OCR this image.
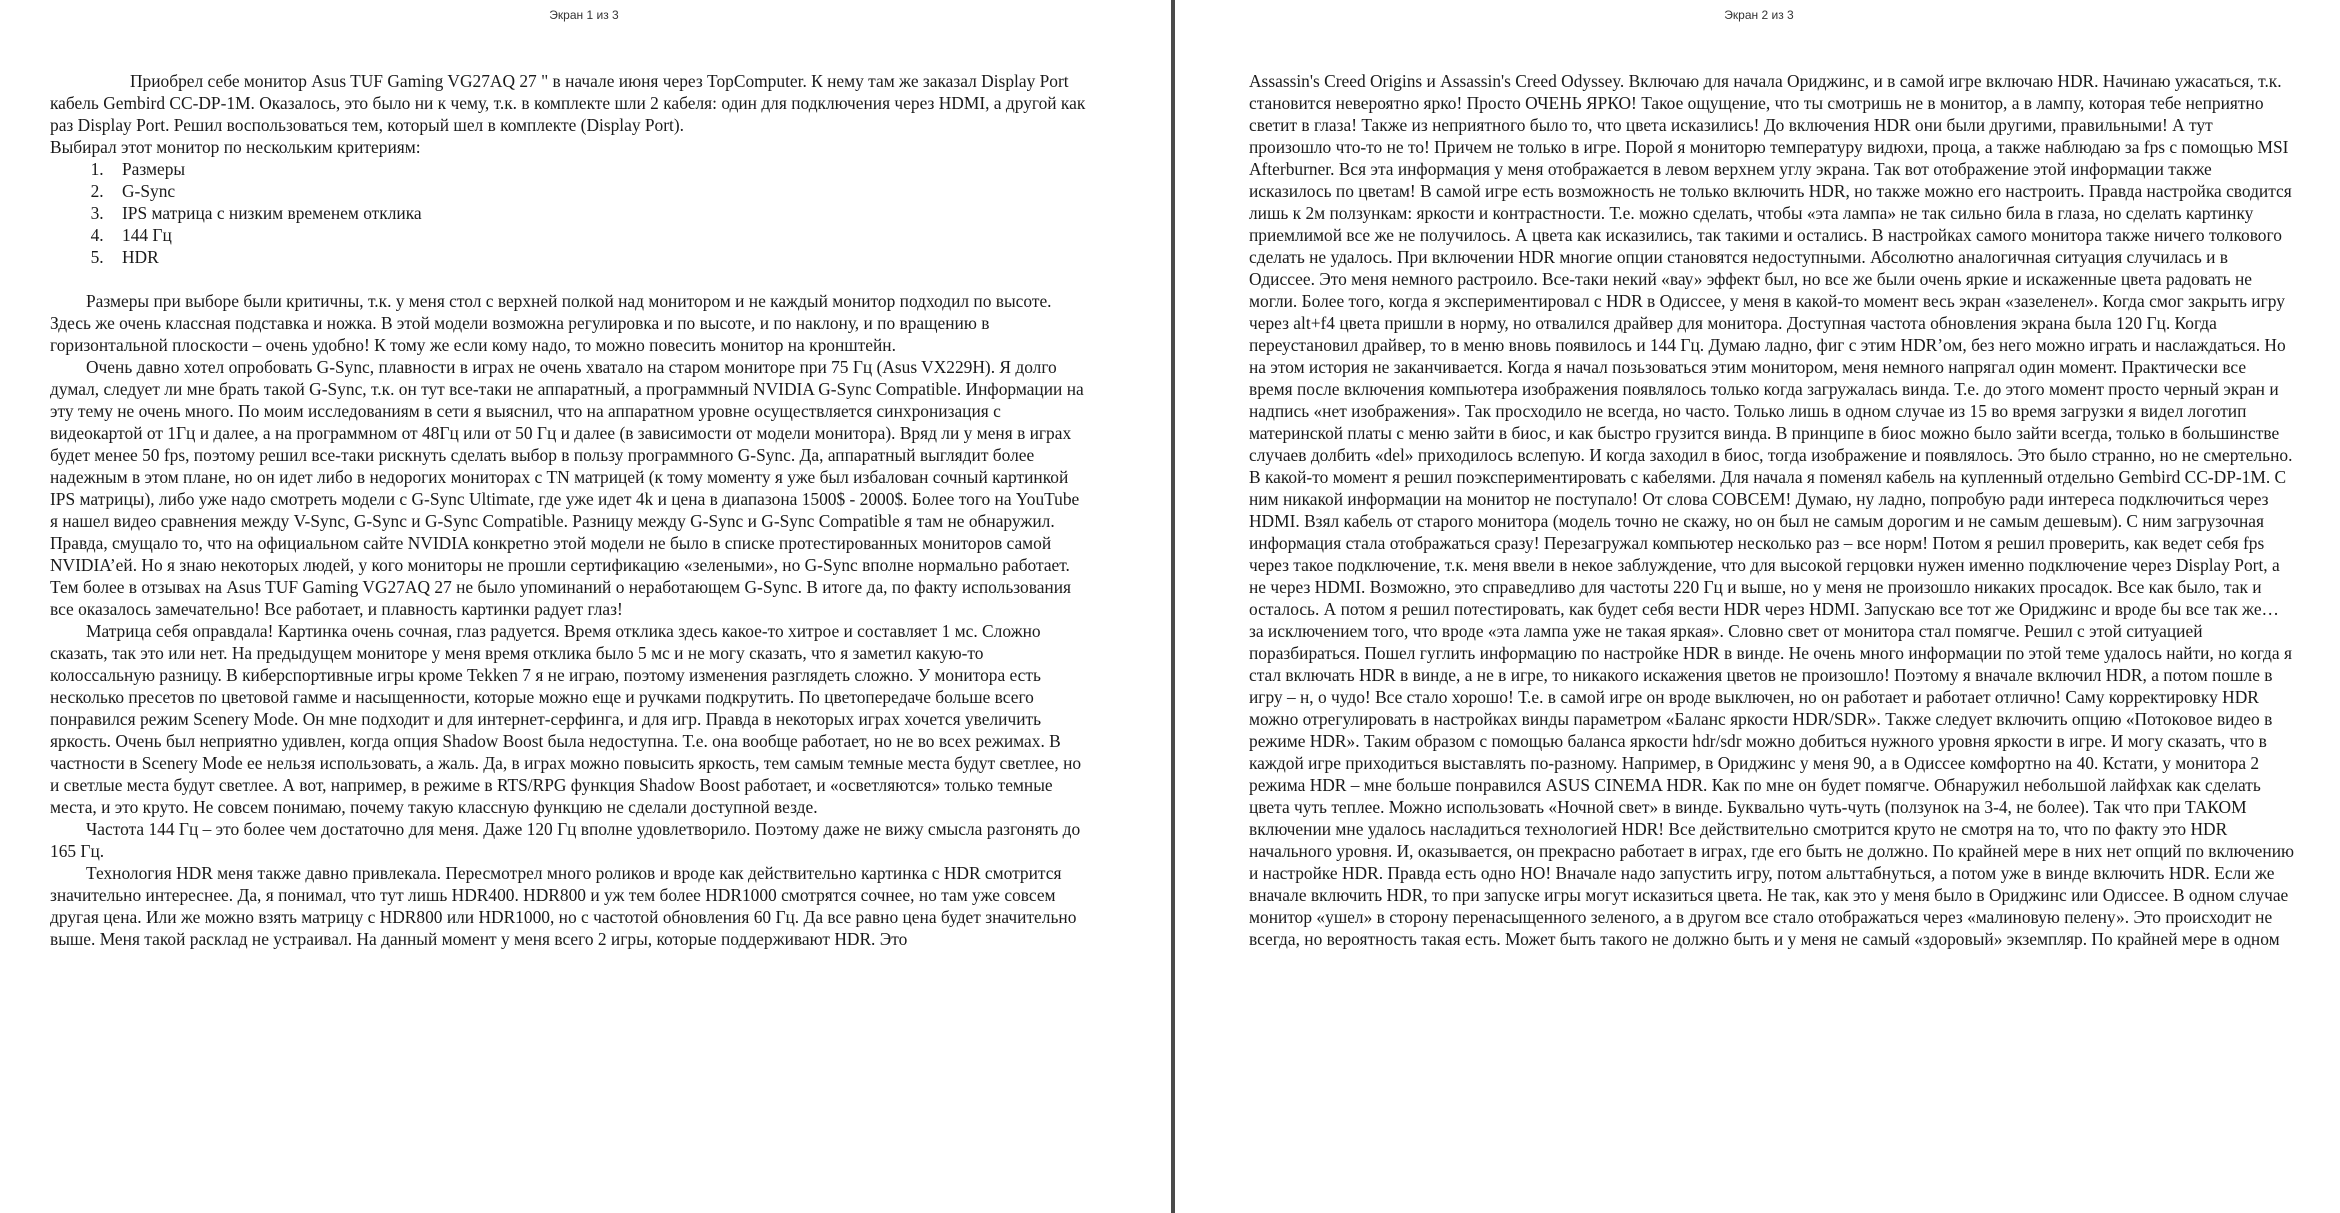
Экран 1 из 3

Приобрел себе монитор Asus TUF Gaming VG27AQ 27 " в начале июня через TopComputer. К нему там же заказал Display Port кабель Gembird CC-DP-1M. Оказалось, это было ни к чему, т.к. в комплекте шли 2 кабеля: один для подключения через HDMI, а другой как раз Display Port. Решил воспользоваться тем, который шел в комплекте (Display Port).

Выбирал этот монитор по нескольким критериям:

1. Размеры
2. G-Sync
3. IPS матрица с низким временем отклика
4. 144 Гц
5. HDR

Размеры при выборе были критичны, т.к. у меня стол с верхней полкой над монитором и не каждый монитор подходил по высоте. Здесь же очень классная подставка и ножка. В этой модели возможна регулировка и по высоте, и по наклону, и по вращению в горизонтальной плоскости – очень удобно! К тому же если кому надо, то можно повесить монитор на кронштейн.

Очень давно хотел опробовать G-Sync, плавности в играх не очень хватало на старом мониторе при 75 Гц (Asus VX229H). Я долго думал, следует ли мне брать такой G-Sync, т.к. он тут все-таки не аппаратный, а программный NVIDIA G-Sync Compatible. Информации на эту тему не очень много. По моим исследованиям в сети я выяснил, что на аппаратном уровне осуществляется синхронизация с видеокартой от 1Гц и далее, а на программном от 48Гц или от 50 Гц и далее (в зависимости от модели монитора). Вряд ли у меня в играх будет менее 50 fps, поэтому решил все-таки рискнуть сделать выбор в пользу программного G-Sync. Да, аппаратный выглядит более надежным в этом плане, но он идет либо в недорогих мониторах с TN матрицей (к тому моменту я уже был избалован сочный картинкой IPS матрицы), либо уже надо смотреть модели с G-Sync Ultimate, где уже идет 4k и цена в диапазона 1500$ - 2000$. Более того на YouTube я нашел видео сравнения между V-Sync, G-Sync и G-Sync Compatible. Разницу между G-Sync и G-Sync Compatible я там не обнаружил. Правда, смущало то, что на официальном сайте NVIDIA конкретно этой модели не было в списке протестированных мониторов самой NVIDIA’ей. Но я знаю некоторых людей, у кого мониторы не прошли сертификацию «зелеными», но G-Sync вполне нормально работает. Тем более в отзывах на Asus TUF Gaming VG27AQ 27 не было упоминаний о неработающем G-Sync. В итоге да, по факту использования все оказалось замечательно! Все работает, и плавность картинки радует глаз!

Матрица себя оправдала! Картинка очень сочная, глаз радуется. Время отклика здесь какое-то хитрое и составляет 1 мс. Сложно сказать, так это или нет. На предыдущем мониторе у меня время отклика было 5 мс и не могу сказать, что я заметил какую-то колоссальную разницу. В киберспортивные игры кроме Tekken 7 я не играю, поэтому изменения разглядеть сложно. У монитора есть несколько пресетов по цветовой гамме и насыщенности, которые можно еще и ручками подкрутить. По цветопередаче больше всего понравился режим Scenery Mode. Он мне подходит и для интернет-серфинга, и для игр. Правда в некоторых играх хочется увеличить яркость. Очень был неприятно удивлен, когда опция Shadow Boost была недоступна. Т.е. она вообще работает, но не во всех режимах. В частности в Scenery Mode ее нельзя использовать, а жаль. Да, в играх можно повысить яркость, тем самым темные места будут светлее, но и светлые места будут светлее. А вот, например, в режиме в RTS/RPG функция Shadow Boost работает, и «осветляются» только темные места, и это круто. Не совсем понимаю, почему такую классную функцию не сделали доступной везде.

Частота 144 Гц – это более чем достаточно для меня. Даже 120 Гц вполне удовлетворило. Поэтому даже не вижу смысла разгонять до 165 Гц.

Технология HDR меня также давно привлекала. Пересмотрел много роликов и вроде как действительно картинка с HDR смотрится значительно интереснее. Да, я понимал, что тут лишь HDR400. HDR800 и уж тем более HDR1000 смотрятся сочнее, но там уже совсем другая цена. Или же можно взять матрицу с HDR800 или HDR1000, но с частотой обновления 60 Гц. Да все равно цена будет значительно выше. Меня такой расклад не устраивал. На данный момент у меня всего 2 игры, которые поддерживают HDR. Это

Экран 2 из 3

Assassin's Creed Origins и Assassin's Creed Odyssey. Включаю для начала Ориджинс, и в самой игре включаю HDR. Начинаю ужасаться, т.к. становится невероятно ярко! Просто ОЧЕНЬ ЯРКО! Такое ощущение, что ты смотришь не в монитор, а в лампу, которая тебе неприятно светит в глаза! Также из неприятного было то, что цвета исказились! До включения HDR они были другими, правильными! А тут произошло что-то не то! Причем не только в игре. Порой я мониторю температуру видюхи, проца, а также наблюдаю за fps с помощью MSI Afterburner. Вся эта информация у меня отображается в левом верхнем углу экрана. Так вот отображение этой информации также исказилось по цветам! В самой игре есть возможность не только включить HDR, но также можно его настроить. Правда настройка сводится лишь к 2м ползункам: яркости и контрастности. Т.е. можно сделать, чтобы «эта лампа» не так сильно била в глаза, но сделать картинку приемлимой все же не получилось. А цвета как исказились, так такими и остались. В настройках самого монитора также ничего толкового сделать не удалось. При включении HDR многие опции становятся недоступными. Абсолютно аналогичная ситуация случилась и в Одиссее. Это меня немного растроило. Все-таки некий «вау» эффект был, но все же были очень яркие и искаженные цвета радовать не могли. Более того, когда я экспериментировал с HDR в Одиссее, у меня в какой-то момент весь экран «зазеленел». Когда смог закрыть игру через alt+f4 цвета пришли в норму, но отвалился драйвер для монитора. Доступная частота обновления экрана была 120 Гц. Когда переустановил драйвер, то в меню вновь появилось и 144 Гц. Думаю ладно, фиг с этим HDR’ом, без него можно играть и наслаждаться. Но на этом история не заканчивается. Когда я начал позьзоваться этим монитором, меня немного напрягал один момент. Практически все время после включения компьютера изображения появлялось только когда загружалась винда. Т.е. до этого момент просто черный экран и надпись «нет изображения». Так просходило не всегда, но часто. Только лишь в одном случае из 15 во время загрузки я видел логотип материнской платы с меню зайти в биос, и как быстро грузится винда. В принципе в биос можно было зайти всегда, только в большинстве случаев долбить «del» приходилось вслепую. И когда заходил в биос, тогда изображение и появлялось. Это было странно, но не смертельно. В какой-то момент я решил поэкспериментировать с кабелями. Для начала я поменял кабель на купленный отдельно Gembird CC-DP-1M. С ним никакой информации на монитор не поступало! От слова СОВСЕМ! Думаю, ну ладно, попробую ради интереса подключиться через HDMI. Взял кабель от старого монитора (модель точно не скажу, но он был не самым дорогим и не самым дешевым). С ним загрузочная информация стала отображаться сразу! Перезагружал компьютер несколько раз – все норм! Потом я решил проверить, как ведет себя fps через такое подключение, т.к. меня ввели в некое заблуждение, что для высокой герцовки нужен именно подключение через Display Port, а не через HDMI. Возможно, это справедливо для частоты 220 Гц и выше, но у меня не произошло никаких просадок. Все как было, так и осталось. А потом я решил потестировать, как будет себя вести HDR через HDMI. Запускаю все тот же Ориджинс и вроде бы все так же… за исключением того, что вроде «эта лампа уже не такая яркая». Словно свет от монитора стал помягче. Решил с этой ситуацией поразбираться. Пошел гуглить информацию по настройке HDR в винде. Не очень много информации по этой теме удалось найти, но когда я стал включать HDR в винде, а не в игре, то никакого искажения цветов не произошло! Поэтому я вначале включил HDR, а потом пошле в игру – н, о чудо! Все стало хорошо! Т.е. в самой игре он вроде выключен, но он работает и работает отлично! Саму корректировку HDR можно отрегулировать в настройках винды параметром «Баланс яркости HDR/SDR». Также следует включить опцию «Потоковое видео в режиме HDR». Таким образом с помощью баланса яркости hdr/sdr можно добиться нужного уровня яркости в игре. И могу сказать, что в каждой игре приходиться выставлять по-разному. Например, в Ориджинс у меня 90, а в Одиссее комфортно на 40. Кстати, у монитора 2 режима HDR – мне больше понравился ASUS CINEMA HDR. Как по мне он будет помягче. Обнаружил небольшой лайфхак как сделать цвета чуть теплее. Можно использовать «Ночной свет» в винде. Буквально чуть-чуть (ползунок на 3-4, не более). Так что при ТАКОМ включении мне удалось насладиться технологией HDR! Все действительно смотрится круто не смотря на то, что по факту это HDR начального уровня. И, оказывается, он прекрасно работает в играх, где его быть не должно. По крайней мере в них нет опций по включению и настройке HDR. Правда есть одно НО! Вначале надо запустить игру, потом альттабнуться, а потом уже в винде включить HDR. Если же вначале включить HDR, то при запуске игры могут исказиться цвета. Не так, как это у меня было в Ориджинс или Одиссее. В одном случае монитор «ушел» в сторону перенасыщенного зеленого, а в другом все стало отображаться через «малиновую пелену». Это происходит не всегда, но вероятность такая есть. Может быть такого не должно быть и у меня не самый «здоровый» экземпляр. По крайней мере в одном
